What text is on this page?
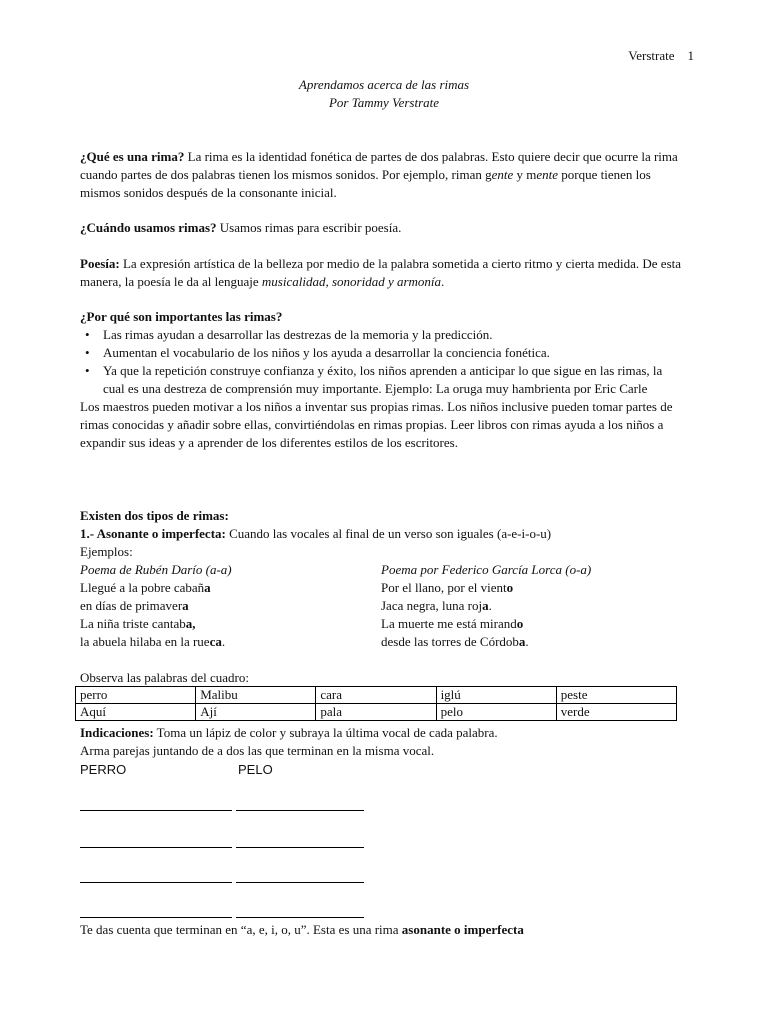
Verstrate    1
Aprendamos acerca de las rimas
Por Tammy Verstrate
¿Qué es una rima? La rima es la identidad fonética de partes de dos palabras. Esto quiere decir que ocurre la rima cuando partes de dos palabras tienen los mismos sonidos. Por ejemplo, riman gente y mente porque tienen los mismos sonidos después de la consonante inicial.
¿Cuándo usamos rimas? Usamos rimas para escribir poesía.
Poesía: La expresión artística de la belleza por medio de la palabra sometida a cierto ritmo y cierta medida. De esta manera, la poesía le da al lenguaje musicalidad, sonoridad y armonía.
¿Por qué son importantes las rimas?
• Las rimas ayudan a desarrollar las destrezas de la memoria y la predicción.
• Aumentan el vocabulario de los niños y los ayuda a desarrollar la conciencia fonética.
• Ya que la repetición construye confianza y éxito, los niños aprenden a anticipar lo que sigue en las rimas, la cual es una destreza de comprensión muy importante. Ejemplo: La oruga muy hambrienta por Eric Carle
Los maestros pueden motivar a los niños a inventar sus propias rimas. Los niños inclusive pueden tomar partes de rimas conocidas y añadir sobre ellas, convirtiéndolas en rimas propias. Leer libros con rimas ayuda a los niños a expandir sus ideas y a aprender de los diferentes estilos de los escritores.
Existen dos tipos de rimas:
1.- Asonante o imperfecta: Cuando las vocales al final de un verso son iguales (a-e-i-o-u)
Ejemplos:
Poema de Rubén Darío (a-a)
Llegué a la pobre cabaña
en días de primavera
La niña triste cantaba,
la abuela hilaba en la rueca.
Poema por Federico García Lorca (o-a)
Por el llano, por el viento
Jaca negra, luna roja.
La muerte me está mirando
desde las torres de Córdoba.
Observa las palabras del cuadro:
perro	Malibu	cara	iglú	peste
Aquí	Ají	pala	pelo	verde
Indicaciones: Toma un lápiz de color y subraya la última vocal de cada palabra.
Arma parejas juntando de a dos las que terminan en la misma vocal.
PERRO	PELO
Te das cuenta que terminan en “a, e, i, o, u”. Esta es una rima asonante o imperfecta
